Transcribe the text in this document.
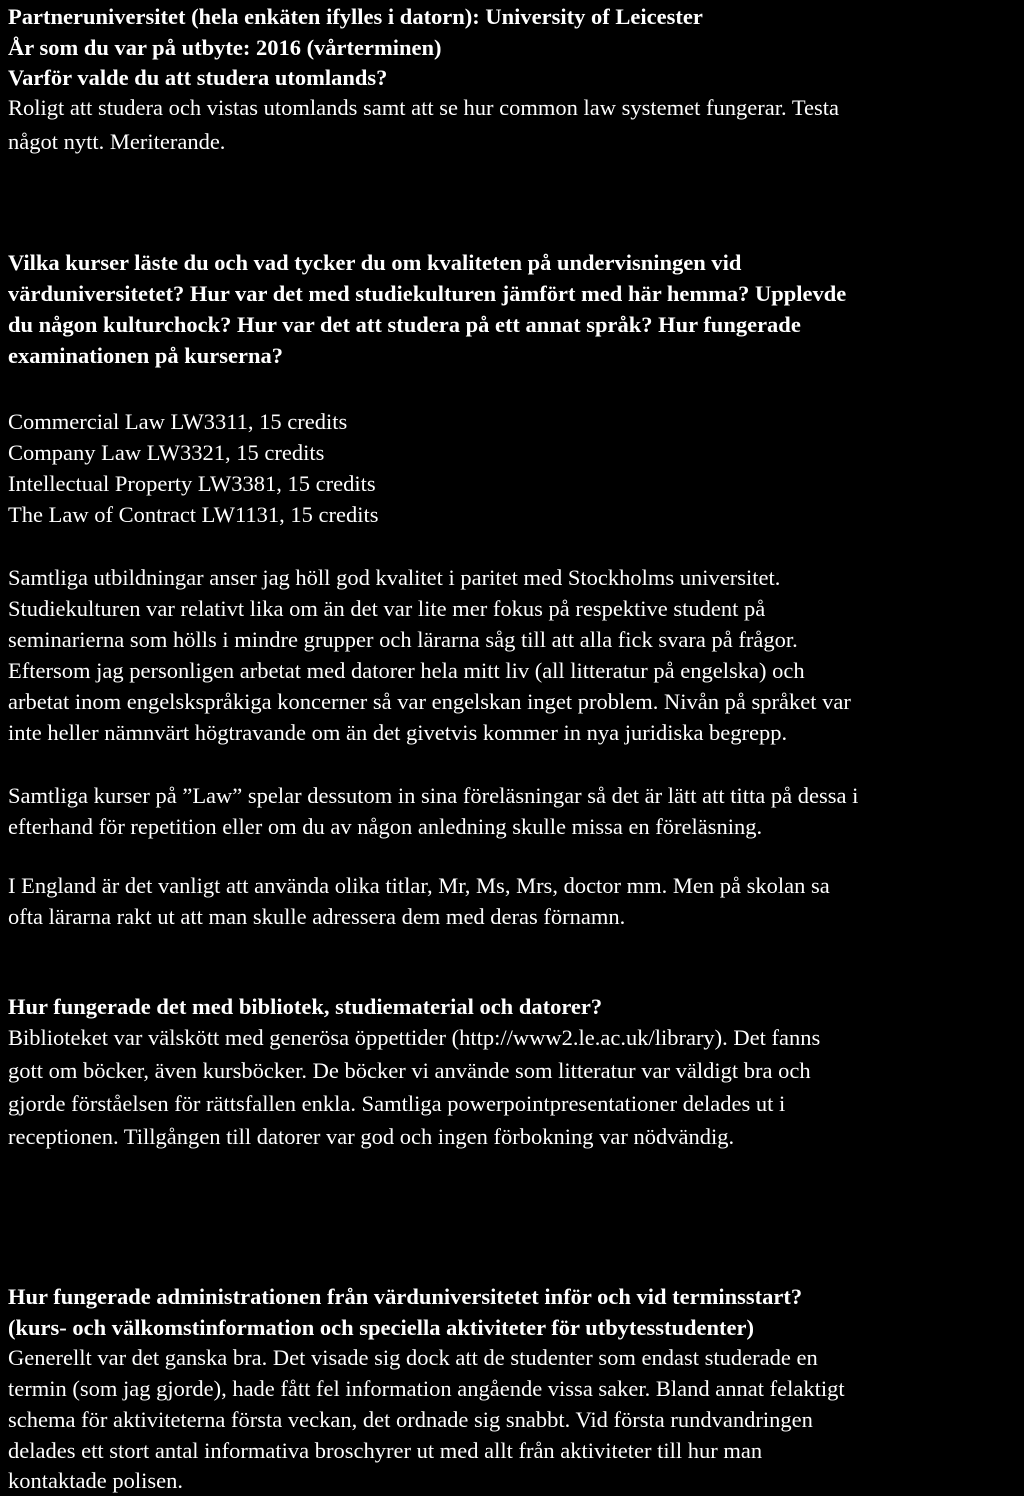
Partneruniversitet (hela enkäten ifylles i datorn): University of Leicester
År som du var på utbyte: 2016 (vårterminen)
Varför valde du att studera utomlands?
Roligt att studera och vistas utomlands samt att se hur common law systemet fungerar. Testa
något nytt. Meriterande.
Vilka kurser läste du och vad tycker du om kvaliteten på undervisningen vid
värduniversitetet? Hur var det med studiekulturen jämfört med här hemma? Upplevde
du någon kulturchock? Hur var det att studera på ett annat språk? Hur fungerade
examinationen på kurserna?
Commercial Law LW3311, 15 credits
Company Law LW3321, 15 credits
Intellectual Property LW3381, 15 credits
The Law of Contract LW1131, 15 credits
Samtliga utbildningar anser jag höll god kvalitet i paritet med Stockholms universitet.
Studiekulturen var relativt lika om än det var lite mer fokus på respektive student på
seminarierna som hölls i mindre grupper och lärarna såg till att alla fick svara på frågor.
Eftersom jag personligen arbetat med datorer hela mitt liv (all litteratur på engelska) och
arbetat inom engelskspråkiga koncerner så var engelskan inget problem. Nivån på språket var
inte heller nämnvärt högtravande om än det givetvis kommer in nya juridiska begrepp.
Samtliga kurser på ”Law” spelar dessutom in sina föreläsningar så det är lätt att titta på dessa i
efterhand för repetition eller om du av någon anledning skulle missa en föreläsning.
I England är det vanligt att använda olika titlar, Mr, Ms, Mrs, doctor mm. Men på skolan sa
ofta lärarna rakt ut att man skulle adressera dem med deras förnamn.
Hur fungerade det med bibliotek, studiematerial och datorer?
Biblioteket var välskött med generösa öppettider (http://www2.le.ac.uk/library). Det fanns
gott om böcker, även kursböcker. De böcker vi använde som litteratur var väldigt bra och
gjorde förståelsen för rättsfallen enkla. Samtliga powerpointpresentationer delades ut i
receptionen. Tillgången till datorer var god och ingen förbokning var nödvändig.
Hur fungerade administrationen från värduniversitetet inför och vid terminsstart?
(kurs- och välkomstinformation och speciella aktiviteter för utbytesstudenter)
Generellt var det ganska bra. Det visade sig dock att de studenter som endast studerade en
termin (som jag gjorde), hade fått fel information angående vissa saker. Bland annat felaktigt
schema för aktiviteterna första veckan, det ordnade sig snabbt. Vid första rundvandringen
delades ett stort antal informativa broschyrer ut med allt från aktiviteter till hur man
kontaktade polisen.
